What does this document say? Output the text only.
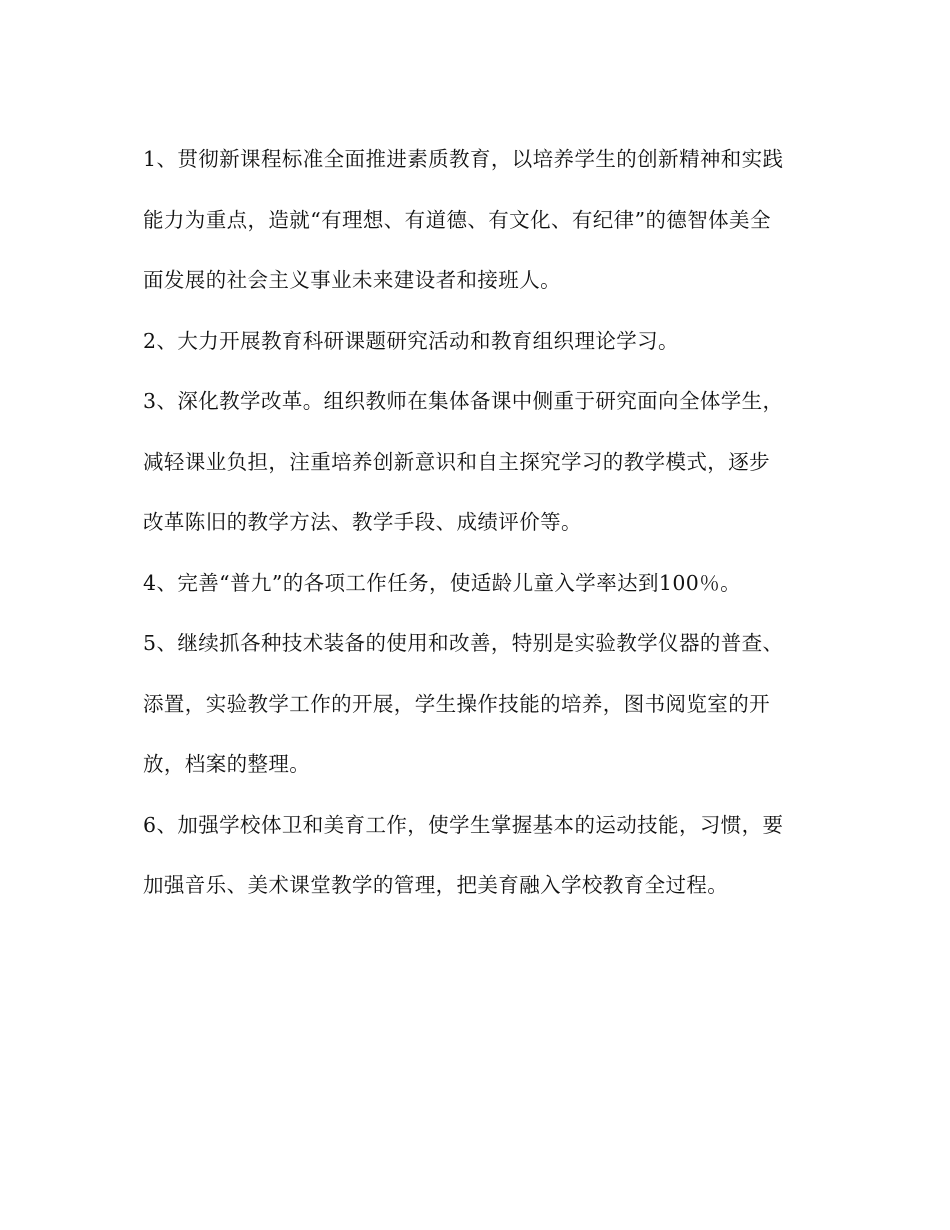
1、贯彻新课程标准全面推进素质教育，以培养学生的创新精神和实践
能力为重点，造就“有理想、有道德、有文化、有纪律”的德智体美全
面发展的社会主义事业未来建设者和接班人。

2、大力开展教育科研课题研究活动和教育组织理论学习。

3、深化教学改革。组织教师在集体备课中侧重于研究面向全体学生，
减轻课业负担，注重培养创新意识和自主探究学习的教学模式，逐步
改革陈旧的教学方法、教学手段、成绩评价等。

4、完善“普九”的各项工作任务，使适龄儿童入学率达到100％。

5、继续抓各种技术装备的使用和改善，特别是实验教学仪器的普查、
添置，实验教学工作的开展，学生操作技能的培养，图书阅览室的开
放，档案的整理。

6、加强学校体卫和美育工作，使学生掌握基本的运动技能，习惯，要
加强音乐、美术课堂教学的管理，把美育融入学校教育全过程。
